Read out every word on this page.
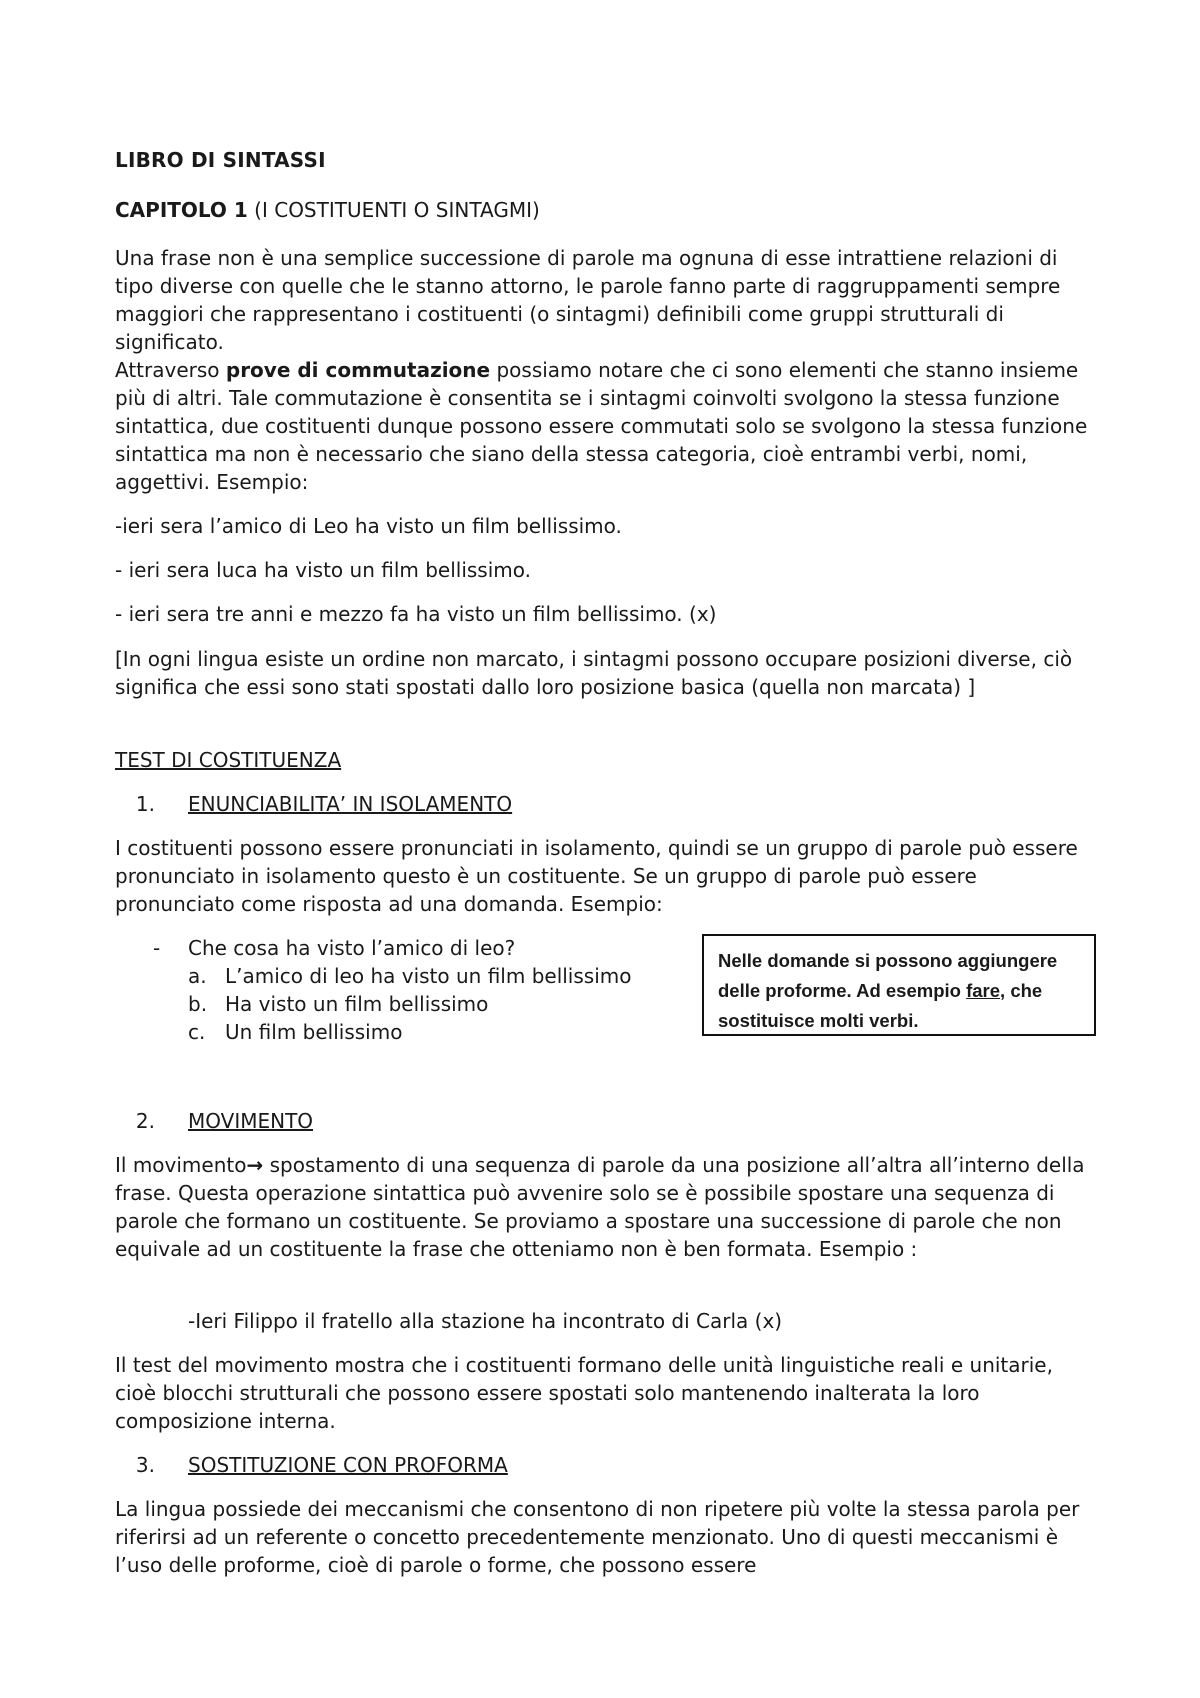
LIBRO DI SINTASSI
CAPITOLO 1 (I COSTITUENTI O SINTAGMI)

Una frase non è una semplice successione di parole ma ognuna di esse intrattiene relazioni di tipo diverse con quelle che le stanno attorno, le parole fanno parte di raggruppamenti sempre maggiori che rappresentano i costituenti (o sintagmi) definibili come gruppi strutturali di significato.

Attraverso prove di commutazione possiamo notare che ci sono elementi che stanno insieme più di altri. Tale commutazione è consentita se i sintagmi coinvolti svolgono la stessa funzione sintattica, due costituenti dunque possono essere commutati solo se svolgono la stessa funzione sintattica ma non è necessario che siano della stessa categoria, cioè entrambi verbi, nomi, aggettivi. Esempio:

-ieri sera l’amico di Leo ha visto un film bellissimo.

- ieri sera luca ha visto un film bellissimo.

- ieri sera tre anni e mezzo fa ha visto un film bellissimo. (x)

[In ogni lingua esiste un ordine non marcato, i sintagmi possono occupare posizioni diverse, ciò significa che essi sono stati spostati dallo loro posizione basica (quella non marcata) ]

TEST DI COSTITUENZA
1. ENUNCIABILITA’ IN ISOLAMENTO

I costituenti possono essere pronunciati in isolamento, quindi se un gruppo di parole può essere pronunciato in isolamento questo è un costituente. Se un gruppo di parole può essere pronunciato come risposta ad una domanda. Esempio:

- Che cosa ha visto l’amico di leo?
a. L’amico di leo ha visto un film bellissimo
b. Ha visto un film bellissimo
c. Un film bellissimo
Nelle domande si possono aggiungere
delle proforme. Ad esempio fare, che
sostituisce molti verbi.
2. MOVIMENTO

Il movimento→ spostamento di una sequenza di parole da una posizione all’altra all’interno della frase. Questa operazione sintattica può avvenire solo se è possibile spostare una sequenza di parole che formano un costituente. Se proviamo a spostare una successione di parole che non equivale ad un costituente la frase che otteniamo non è ben formata. Esempio :

-Ieri Filippo il fratello alla stazione ha incontrato di Carla (x)

Il test del movimento mostra che i costituenti formano delle unità linguistiche reali e unitarie, cioè blocchi strutturali che possono essere spostati solo mantenendo inalterata la loro composizione interna.

3. SOSTITUZIONE CON PROFORMA

La lingua possiede dei meccanismi che consentono di non ripetere più volte la stessa parola per riferirsi ad un referente o concetto precedentemente menzionato. Uno di questi meccanismi è l’uso delle proforme, cioè di parole o forme, che possono essere
